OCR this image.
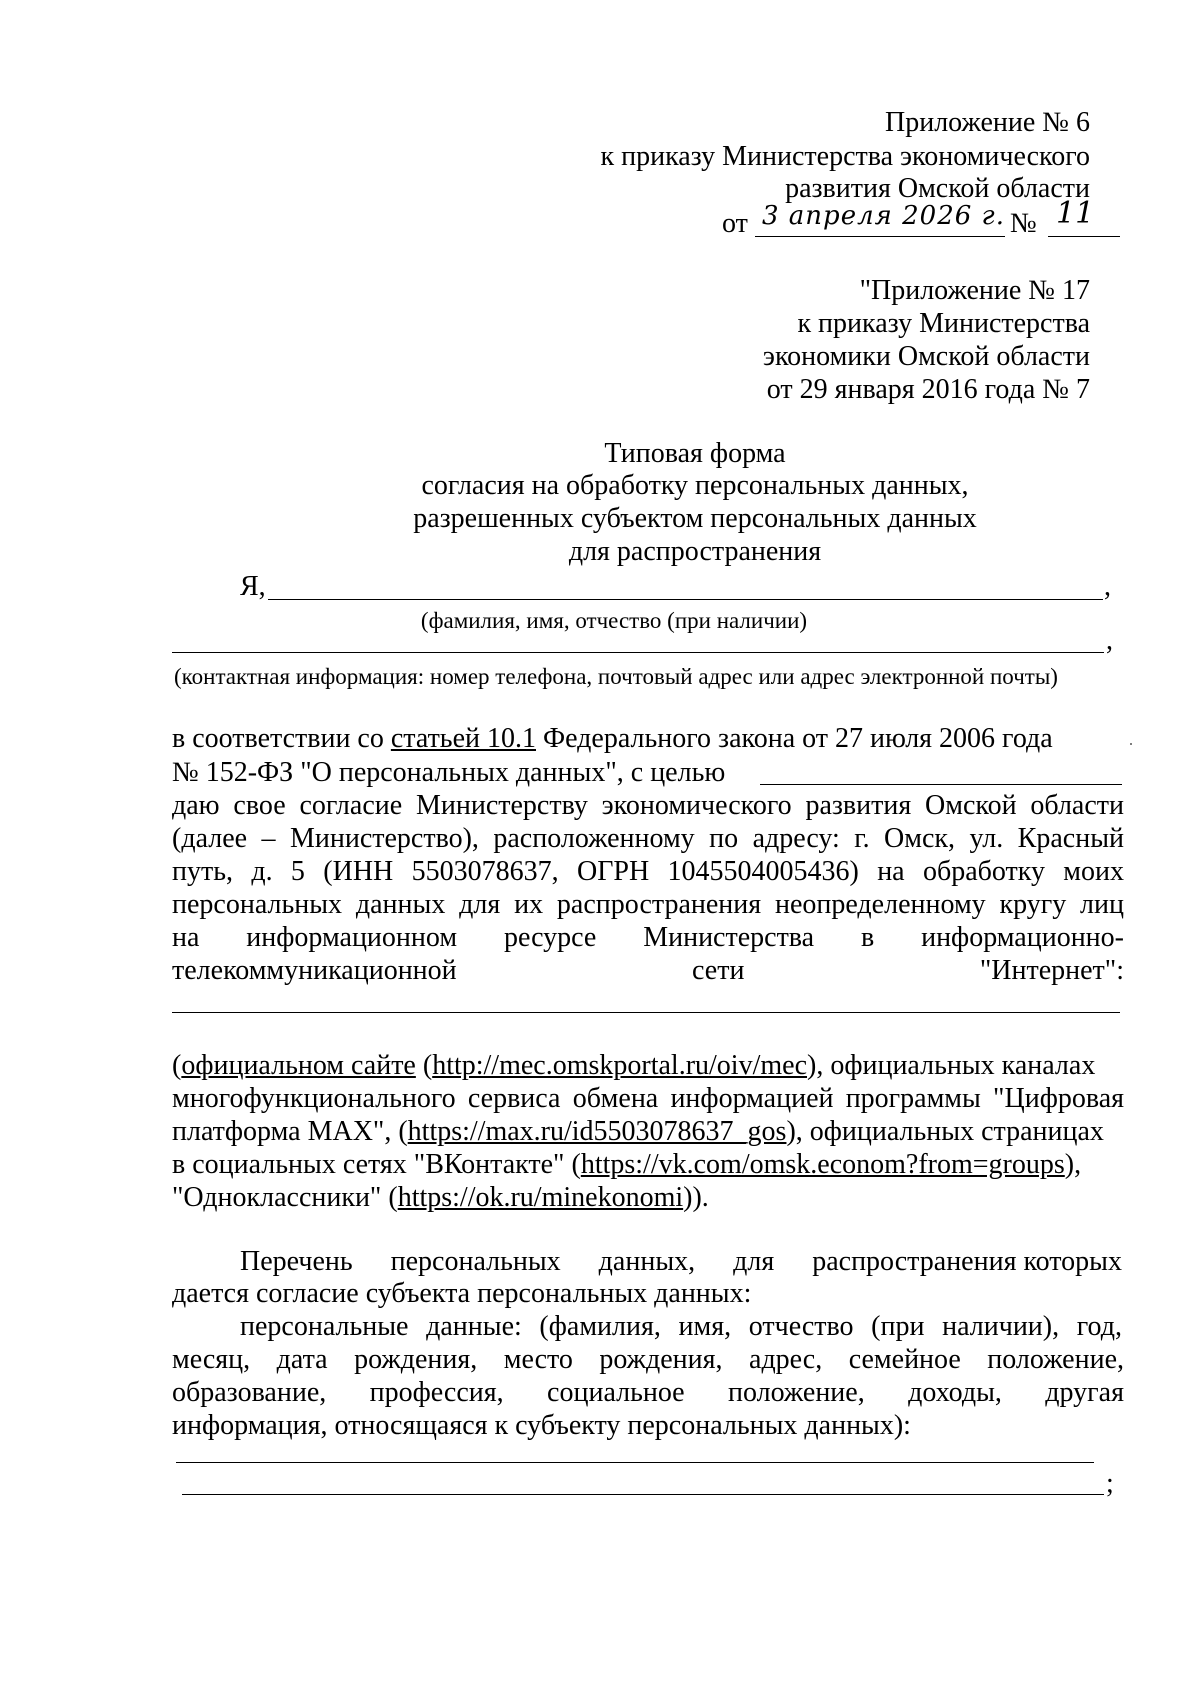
Приложение № 6
к приказу Министерства экономического
развития Омской области
от 3 апреля 2026 г. № 11
"Приложение № 17
к приказу Министерства
экономики Омской области
от 29 января 2016 года № 7
Типовая форма
согласия на обработку персональных данных,
разрешенных субъектом персональных данных
для распространения
Я,	,
(фамилия, имя, отчество (при наличии)
,
(контактная информация: номер телефона, почтовый адрес или адрес электронной почты)
в соответствии со статьей 10.1 Федерального закона от 27 июля 2006 года
№ 152-ФЗ "О персональных данных", с целью
даю свое согласие Министерству экономического развития Омской области
(далее – Министерство), расположенному по адресу: г. Омск, ул. Красный
путь, д. 5 (ИНН 5503078637, ОГРН 1045504005436) на обработку моих
персональных данных для их распространения неопределенному кругу лиц
на информационном ресурсе Министерства в информационно-
телекоммуникационной	сети	"Интернет":
(официальном сайте (http://mec.omskportal.ru/oiv/mec), официальных каналах
многофункционального сервиса обмена информацией программы "Цифровая
платформа МАХ", (https://max.ru/id5503078637_gos), официальных страницах
в социальных сетях "ВКонтакте" (https://vk.com/omsk.econom?from=groups),
"Одноклассники" (https://ok.ru/minekonomi)).
Перечень персональных данных, для распространения которых
дается согласие субъекта персональных данных:
персональные данные: (фамилия, имя, отчество (при наличии), год,
месяц, дата рождения, место рождения, адрес, семейное положение,
образование, профессия, социальное положение, доходы, другая
информация, относящаяся к субъекту персональных данных):
;
